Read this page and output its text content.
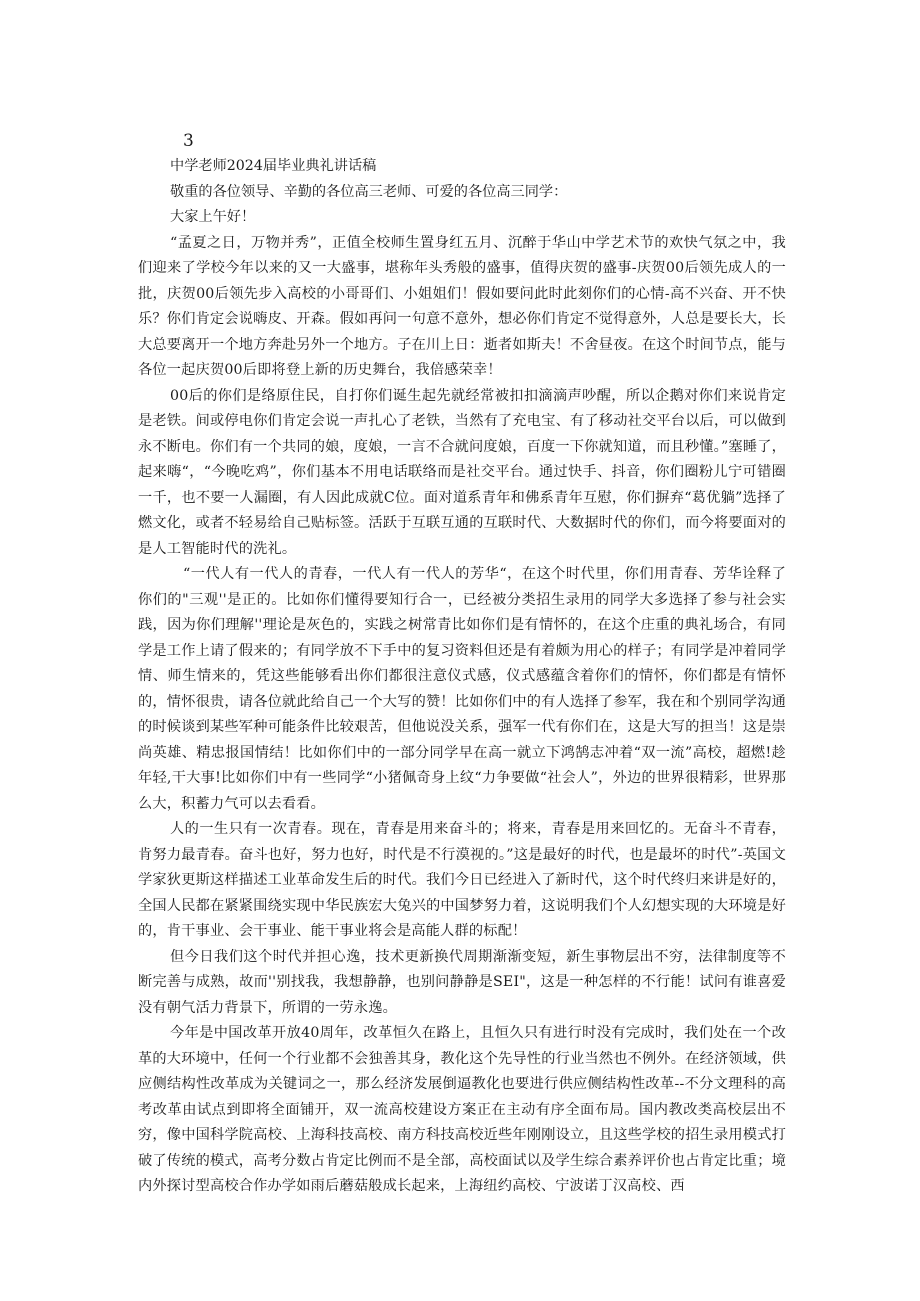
3

中学老师2024届毕业典礼讲话稿

敬重的各位领导、辛勤的各位高三老师、可爱的各位高三同学：

大家上午好！

“孟夏之日，万物并秀”，正值全校师生置身红五月、沉醉于华山中学艺术节的欢快气氛之中，我们迎来了学校今年以来的又一大盛事，堪称年头秀般的盛事，值得庆贺的盛事-庆贺00后领先成人的一批，庆贺00后领先步入高校的小哥哥们、小姐姐们！假如要问此时此刻你们的心情-高不兴奋、开不快乐？你们肯定会说嗨皮、开森。假如再问一句意不意外，想必你们肯定不觉得意外，人总是要长大，长大总要离开一个地方奔赴另外一个地方。子在川上日：逝者如斯夫！不舍昼夜。在这个时间节点，能与各位一起庆贺00后即将登上新的历史舞台，我倍感荣幸！

00后的你们是络原住民，自打你们诞生起先就经常被扣扣滴滴声吵醒，所以企鹅对你们来说肯定是老铁。间或停电你们肯定会说一声扎心了老铁，当然有了充电宝、有了移动社交平台以后，可以做到永不断电。你们有一个共同的娘，度娘，一言不合就问度娘，百度一下你就知道，而且秒懂。”塞睡了，起来嗨“，“今晚吃鸡”，你们基本不用电话联络而是社交平台。通过快手、抖音，你们圈粉儿宁可错圈一千，也不要一人漏圈，有人因此成就C位。面对道系青年和佛系青年互慰，你们摒弃“葛优躺”选择了燃文化，或者不轻易给自己贴标签。活跃于互联互通的互联时代、大数据时代的你们，而今将要面对的是人工智能时代的洗礼。

“一代人有一代人的青春，一代人有一代人的芳华“，在这个时代里，你们用青春、芳华诠释了你们的"三观''是正的。比如你们懂得要知行合一，已经被分类招生录用的同学大多选择了参与社会实践，因为你们理解''理论是灰色的，实践之树常青比如你们是有情怀的，在这个庄重的典礼场合，有同学是工作上请了假来的；有同学放不下手中的复习资料但还是有着颇为用心的样子；有同学是冲着同学情、师生情来的，凭这些能够看出你们都很注意仪式感，仪式感蕴含着你们的情怀，你们都是有情怀的，情怀很贵，请各位就此给自己一个大写的赞！比如你们中的有人选择了参军，我在和个别同学沟通的时候谈到某些军种可能条件比较艰苦，但他说没关系，强军一代有你们在，这是大写的担当！这是崇尚英雄、精忠报国情结！比如你们中的一部分同学早在高一就立下鸿鹄志冲着“双一流”高校，超燃!趁年轻,干大事!比如你们中有一些同学“小猪佩奇身上纹“力争要做“社会人”，外边的世界很精彩，世界那么大，积蓄力气可以去看看。

人的一生只有一次青春。现在，青春是用来奋斗的；将来，青春是用来回忆的。无奋斗不青春，肯努力最青春。奋斗也好，努力也好，时代是不行漠视的。”这是最好的时代，也是最坏的时代”-英国文学家狄更斯这样描述工业革命发生后的时代。我们今日已经进入了新时代，这个时代终归来讲是好的，全国人民都在紧紧围绕实现中华民族宏大兔兴的中国梦努力着，这说明我们个人幻想实现的大环境是好的，肯干事业、会干事业、能干事业将会是高能人群的标配！

但今日我们这个时代并担心逸，技术更新换代周期渐渐变短，新生事物层出不穷，法律制度等不断完善与成熟，故而''别找我，我想静静，也别问静静是SEI"，这是一种怎样的不行能！试问有谁喜爱没有朝气活力背景下，所谓的一劳永逸。

今年是中国改革开放40周年，改革恒久在路上，且恒久只有进行时没有完成时，我们处在一个改革的大环境中，任何一个行业都不会独善其身，教化这个先导性的行业当然也不例外。在经济领域，供应侧结构性改革成为关键词之一，那么经济发展倒逼教化也要进行供应侧结构性改革--不分文理科的高考改革由试点到即将全面铺开，双一流高校建设方案正在主动有序全面布局。国内教改类高校层出不穷，像中国科学院高校、上海科技高校、南方科技高校近些年刚刚设立，且这些学校的招生录用模式打破了传统的模式，高考分数占肯定比例而不是全部，高校面试以及学生综合素养评价也占肯定比重；境内外探讨型高校合作办学如雨后蘑菇般成长起来，上海纽约高校、宁波诺丁汉高校、西
